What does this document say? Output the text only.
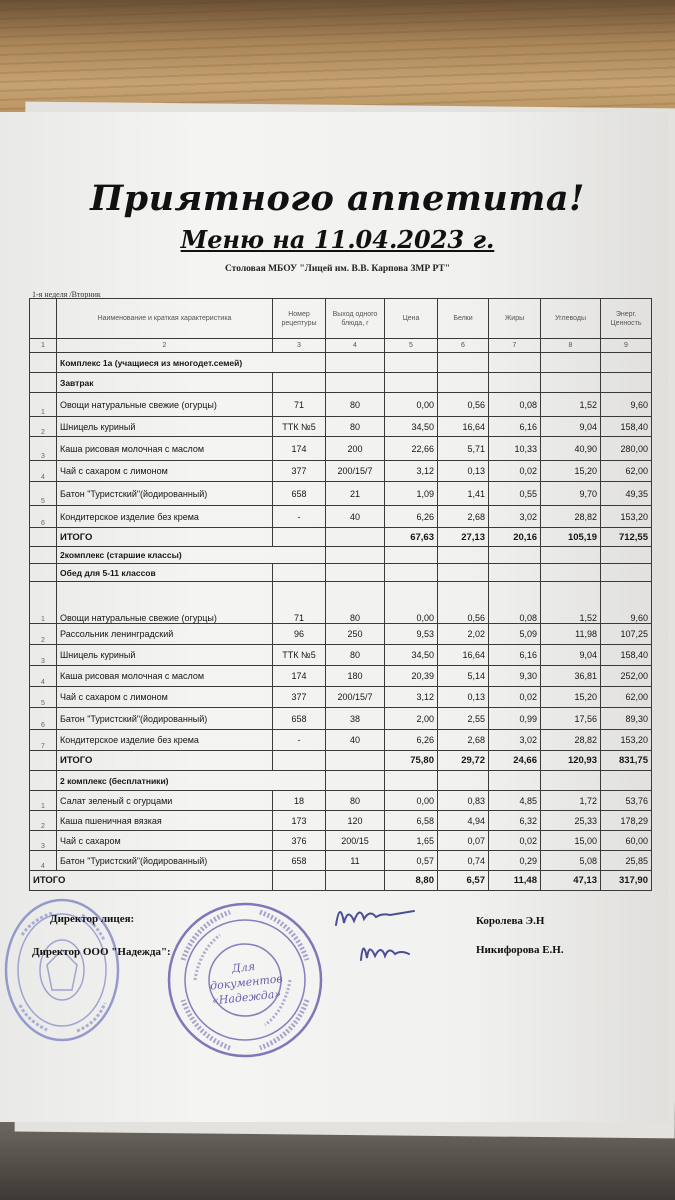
Приятного аппетита!
Меню на 11.04.2023 г.
Столовая МБОУ "Лицей им. В.В. Карпова ЗМР РТ"
1-я неделя /Вторник
	Наименование и краткая характеристика	Номер рецептуры	Выход одного блюда, г	Цена	Белки	Жиры	Углеводы	Энерг. Ценность
1	2	3	4	5	6	7	8	9
	Комплекс 1а (учащиеся из многодет.семей)							
	Завтрак							
1	Овощи натуральные свежие (огурцы)	71	80	0,00	0,56	0,08	1,52	9,60
2	Шницель куриный	ТТК №5	80	34,50	16,64	6,16	9,04	158,40
3	Каша рисовая молочная с маслом	174	200	22,66	5,71	10,33	40,90	280,00
4	Чай с сахаром с лимоном	377	200/15/7	3,12	0,13	0,02	15,20	62,00
5	Батон "Туристский"(йодированный)	658	21	1,09	1,41	0,55	9,70	49,35
6	Кондитерское изделие без крема	-	40	6,26	2,68	3,02	28,82	153,20
	ИТОГО			67,63	27,13	20,16	105,19	712,55
	2комплекс (старшие классы)							
	Обед для 5-11 классов							
1	Овощи натуральные свежие (огурцы)	71	80	0,00	0,56	0,08	1,52	9,60
2	Рассольник ленинградский	96	250	9,53	2,02	5,09	11,98	107,25
3	Шницель куриный	ТТК №5	80	34,50	16,64	6,16	9,04	158,40
4	Каша рисовая молочная с маслом	174	180	20,39	5,14	9,30	36,81	252,00
5	Чай с сахаром с лимоном	377	200/15/7	3,12	0,13	0,02	15,20	62,00
6	Батон "Туристский"(йодированный)	658	38	2,00	2,55	0,99	17,56	89,30
7	Кондитерское изделие без крема	-	40	6,26	2,68	3,02	28,82	153,20
	ИТОГО			75,80	29,72	24,66	120,93	831,75
	2 комплекс (бесплатники)							
1	Салат зеленый с огурцами	18	80	0,00	0,83	4,85	1,72	53,76
2	Каша пшеничная вязкая	173	120	6,58	4,94	6,32	25,33	178,29
3	Чай с сахаром	376	200/15	1,65	0,07	0,02	15,00	60,00
4	Батон "Туристский"(йодированный)	658	11	0,57	0,74	0,29	5,08	25,85
ИТОГО				8,80	6,57	11,48	47,13	317,90
Для документов «Надежда»
Директор лицея:
Директор ООО "Надежда":
Королева Э.Н
Никифорова Е.Н.
